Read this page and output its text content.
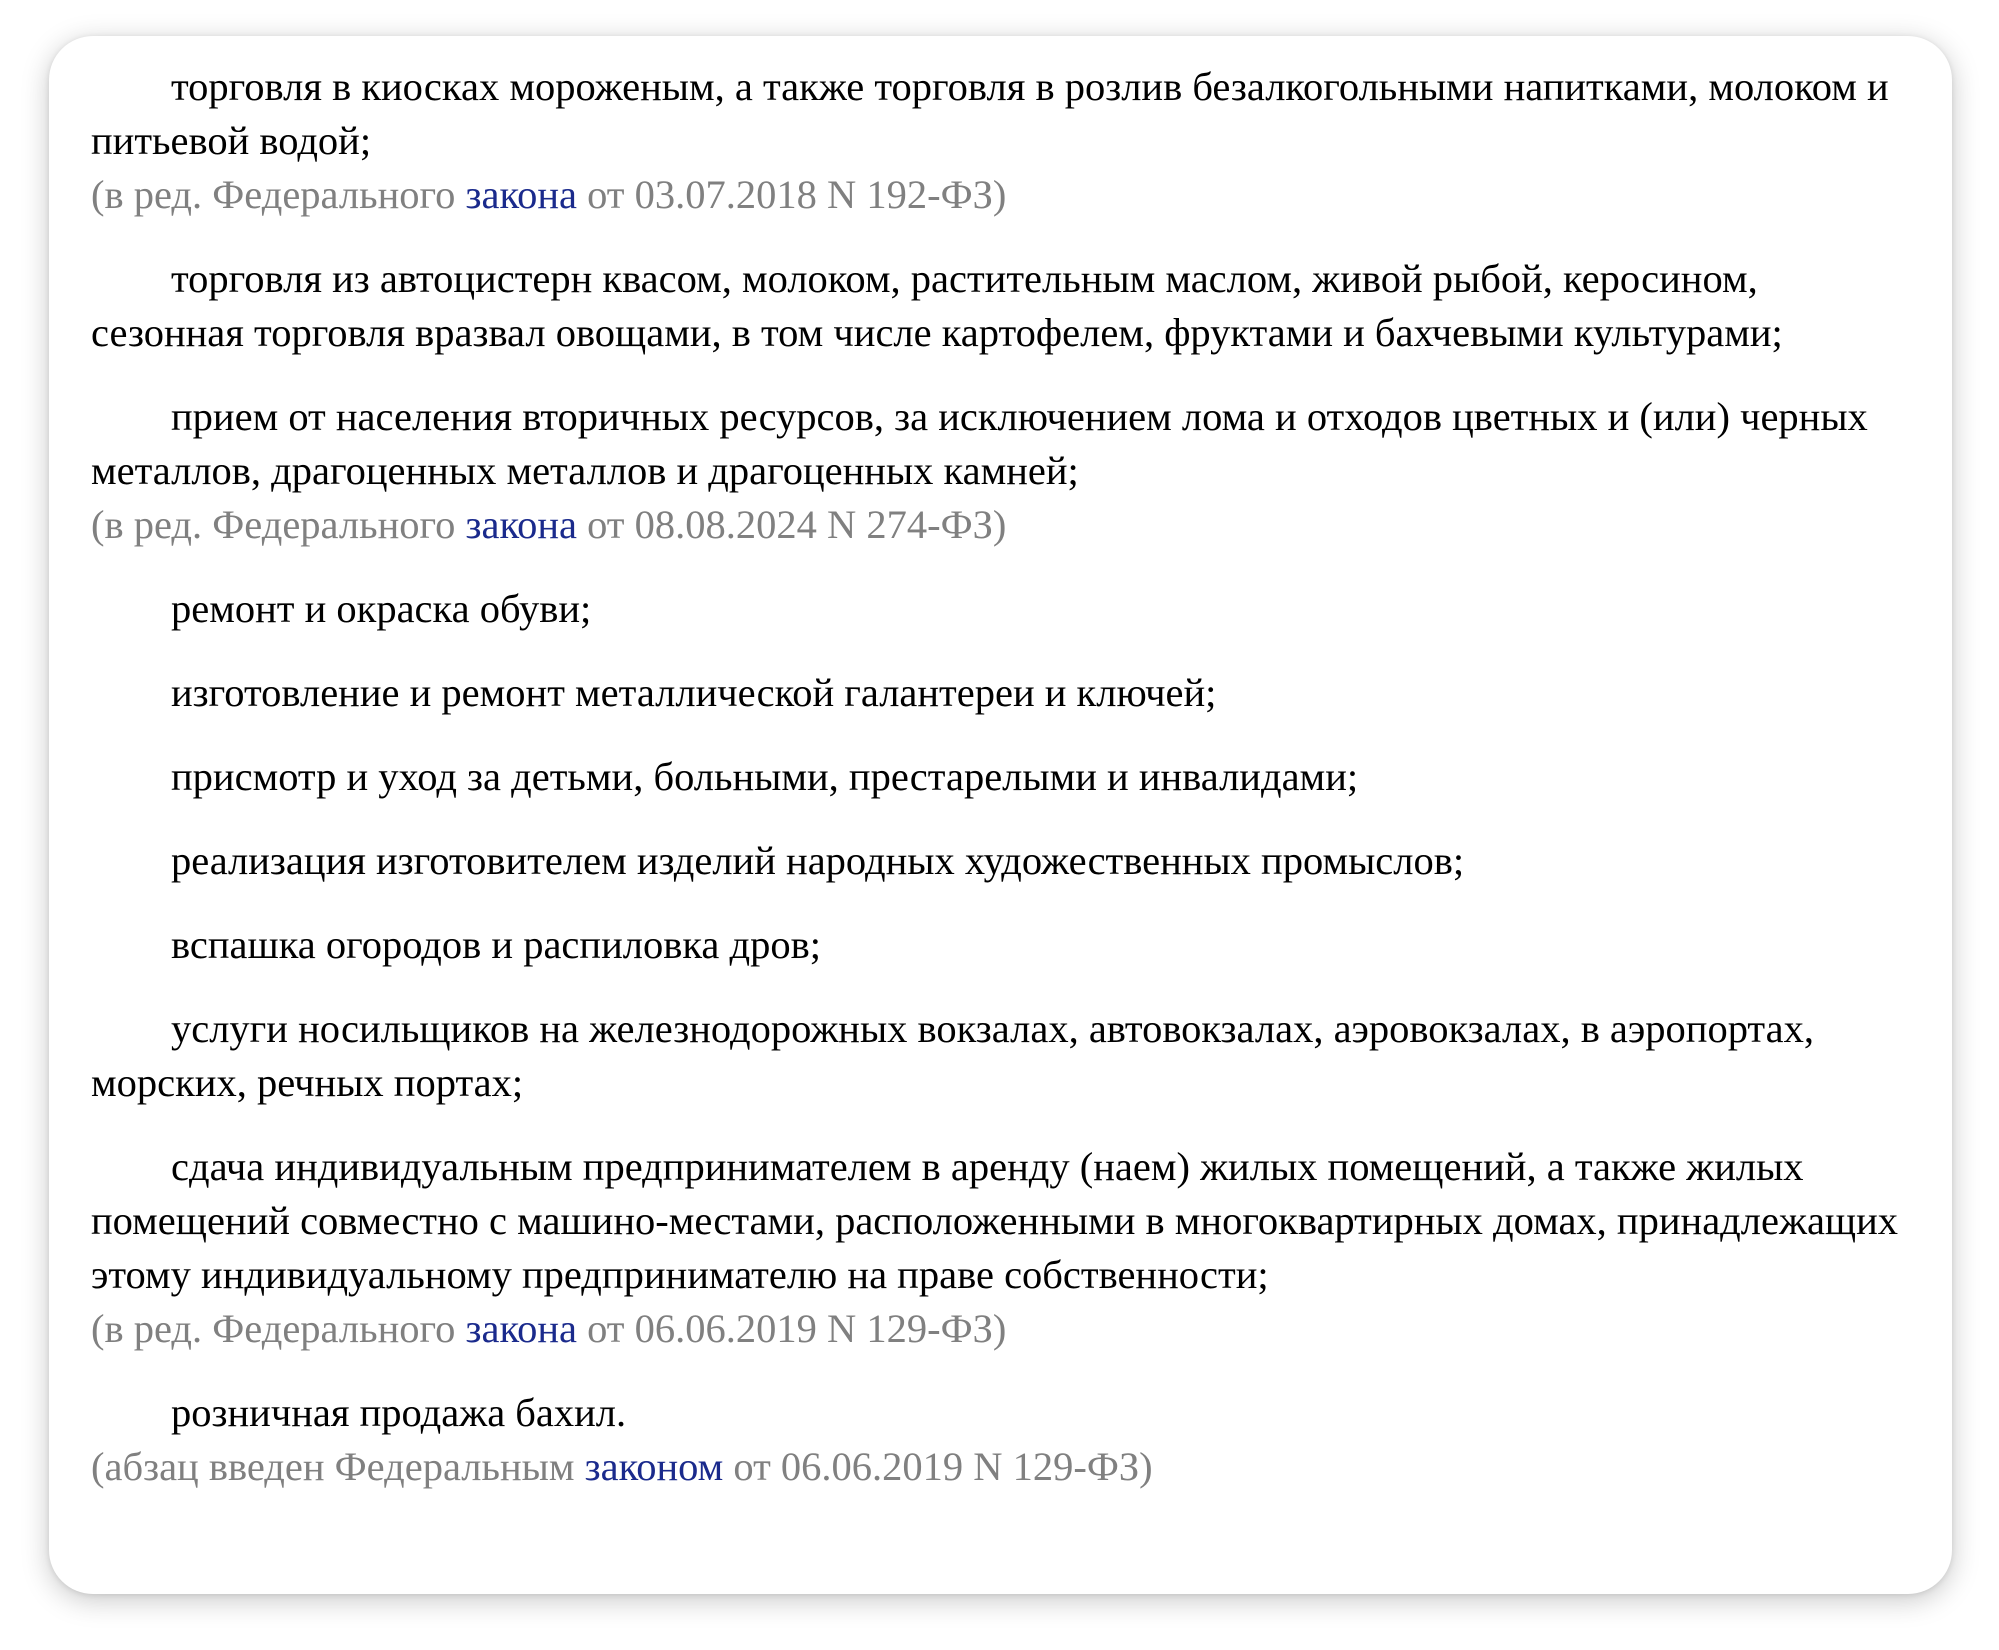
торговля в киосках мороженым, а также торговля в розлив безалкогольными напитками, молоком и питьевой водой;

(в ред. Федерального закона от 03.07.2018 N 192-ФЗ)

торговля из автоцистерн квасом, молоком, растительным маслом, живой рыбой, керосином, сезонная торговля вразвал овощами, в том числе картофелем, фруктами и бахчевыми культурами;

прием от населения вторичных ресурсов, за исключением лома и отходов цветных и (или) черных металлов, драгоценных металлов и драгоценных камней;

(в ред. Федерального закона от 08.08.2024 N 274-ФЗ)

ремонт и окраска обуви;

изготовление и ремонт металлической галантереи и ключей;

присмотр и уход за детьми, больными, престарелыми и инвалидами;

реализация изготовителем изделий народных художественных промыслов;

вспашка огородов и распиловка дров;

услуги носильщиков на железнодорожных вокзалах, автовокзалах, аэровокзалах, в аэропортах, морских, речных портах;

сдача индивидуальным предпринимателем в аренду (наем) жилых помещений, а также жилых помещений совместно с машино-местами, расположенными в многоквартирных домах, принадлежащих этому индивидуальному предпринимателю на праве собственности;

(в ред. Федерального закона от 06.06.2019 N 129-ФЗ)

розничная продажа бахил.

(абзац введен Федеральным законом от 06.06.2019 N 129-ФЗ)
